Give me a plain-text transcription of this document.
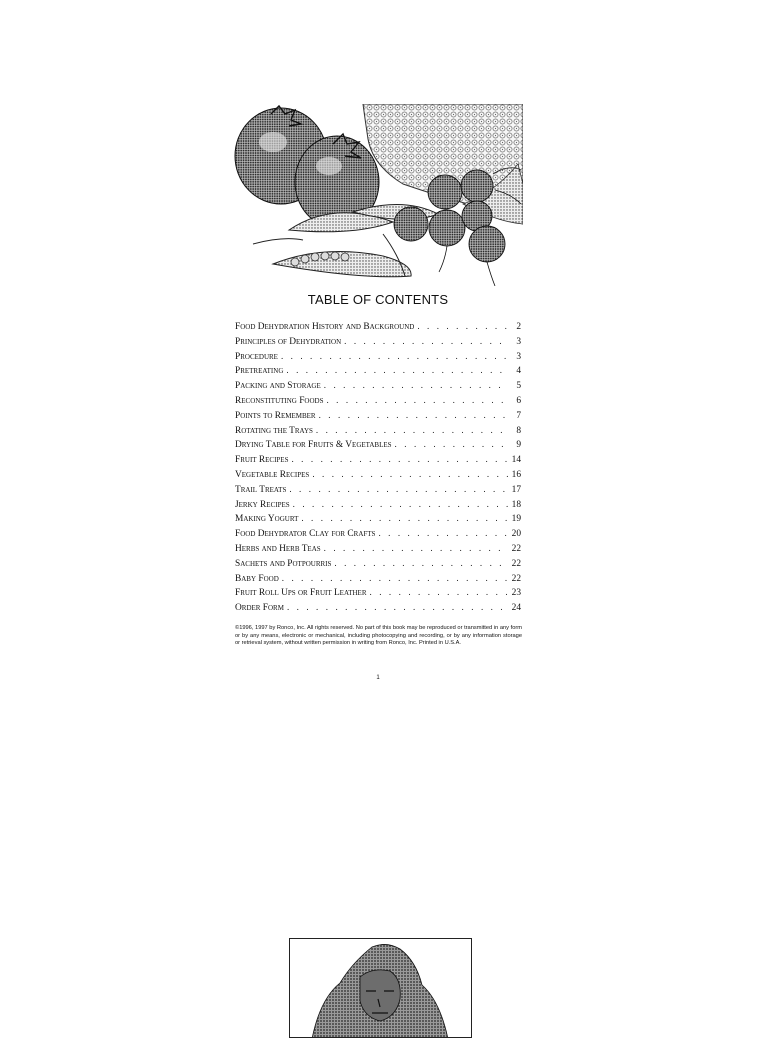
TABLE OF CONTENTS
Food Dehydration History and Background . . .	2
Principles of Dehydration . . .	3
Procedure . . .	3
Pretreating . . .	4
Packing and Storage . . .	5
Reconstituting Foods . . .	6
Points to Remember . . .	7
Rotating the Trays . . .	8
Drying Table for Fruits & Vegetables . . .	9
Fruit Recipes . . .	14
Vegetable Recipes . . .	16
Trail Treats . . .	17
Jerky Recipes . . .	18
Making Yogurt . . .	19
Food Dehydrator Clay for Crafts . . .	20
Herbs and Herb Teas . . .	22
Sachets and Potpourris . . .	22
Baby Food . . .	22
Fruit Roll Ups or Fruit Leather . . .	23
Order Form . . .	24
©1996, 1997 by Ronco, Inc. All rights reserved. No part of this book may be reproduced or transmitted in any form or by any means, electronic or mechanical, including photocopying and recording, or by any information storage or retrieval system, without written permission in writing from Ronco, Inc. Printed in U.S.A.
1
